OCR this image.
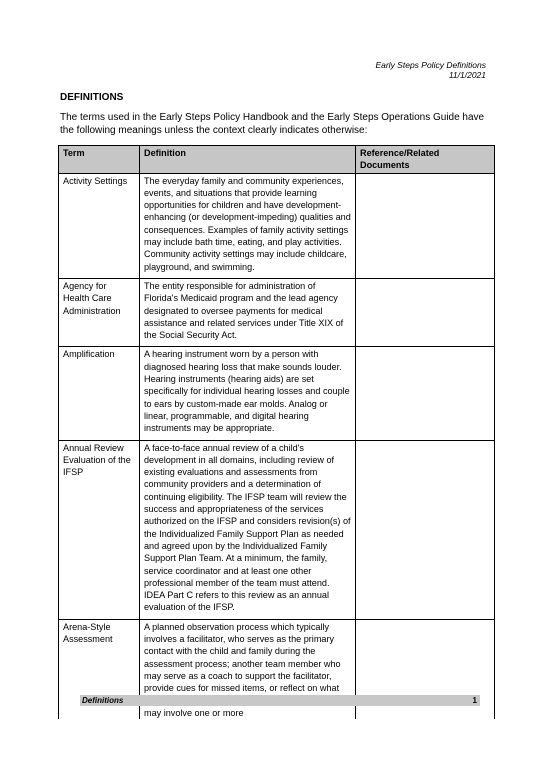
Early Steps Policy Definitions
11/1/2021
DEFINITIONS
The terms used in the Early Steps Policy Handbook and the Early Steps Operations Guide have the following meanings unless the context clearly indicates otherwise:
Term	Definition	Reference/Related Documents
Activity Settings	The everyday family and community experiences, events, and situations that provide learning opportunities for children and have development-enhancing (or development-impeding) qualities and consequences. Examples of family activity settings may include bath time, eating, and play activities. Community activity settings may include childcare, playground, and swimming.	
Agency for Health Care Administration	The entity responsible for administration of Florida's Medicaid program and the lead agency designated to oversee payments for medical assistance and related services under Title XIX of the Social Security Act.	
Amplification	A hearing instrument worn by a person with diagnosed hearing loss that make sounds louder. Hearing instruments (hearing aids) are set specifically for individual hearing losses and couple to ears by custom-made ear molds. Analog or linear, programmable, and digital hearing instruments may be appropriate.	
Annual Review Evaluation of the IFSP	A face-to-face annual review of a child's development in all domains, including review of existing evaluations and assessments from community providers and a determination of continuing eligibility. The IFSP team will review the success and appropriateness of the services authorized on the IFSP and considers revision(s) of the Individualized Family Support Plan as needed and agreed upon by the Individualized Family Support Plan Team. At a minimum, the family, service coordinator and at least one other professional member of the team must attend. IDEA Part C refers to this review as an annual evaluation of the IFSP.	
Arena-Style Assessment	A planned observation process which typically involves a facilitator, who serves as the primary contact with the child and family during the assessment process; another team member who may serve as a coach to support the facilitator, provide cues for missed items, or reflect on what may involve one or more	
Definitions	1
